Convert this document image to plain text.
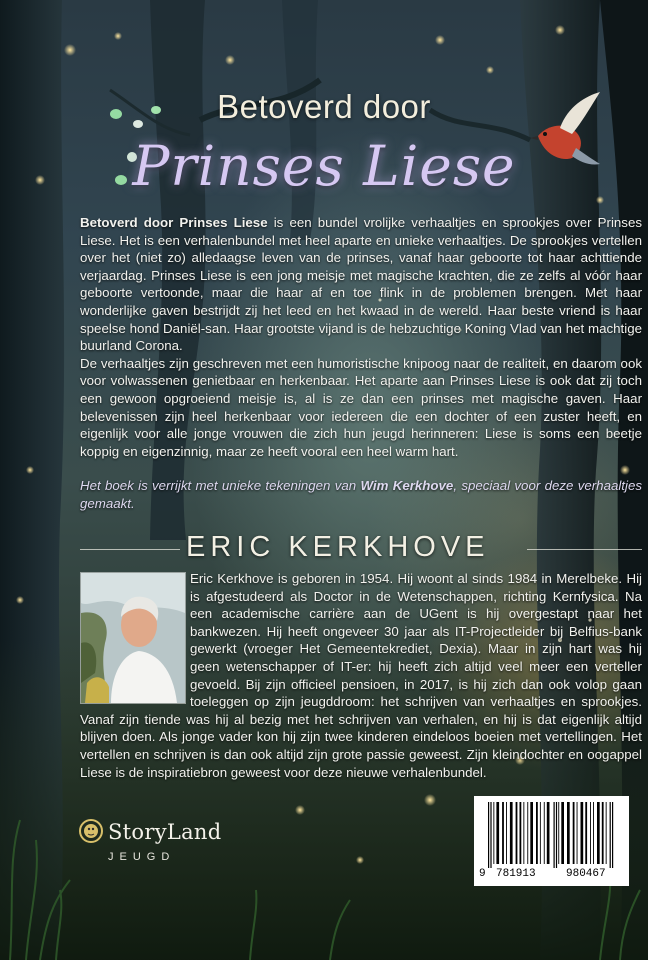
Betoverd door
Prinses Liese

Betoverd door Prinses Liese is een bundel vrolijke verhaaltjes en sprookjes over Prinses Liese. Het is een verhalenbundel met heel aparte en unieke verhaaltjes. De sprookjes vertellen over het (niet zo) alledaagse leven van de prinses, vanaf haar geboorte tot haar achttiende verjaardag. Prinses Liese is een jong meisje met magische krachten, die ze zelfs al vóór haar geboorte vertoonde, maar die haar af en toe flink in de problemen brengen. Met haar wonderlijke gaven bestrijdt zij het leed en het kwaad in de wereld. Haar beste vriend is haar speelse hond Daniël-san. Haar grootste vijand is de hebzuchtige Koning Vlad van het machtige buurland Corona.

De verhaaltjes zijn geschreven met een humoristische knipoog naar de realiteit, en daarom ook voor volwassenen genietbaar en herkenbaar. Het aparte aan Prinses Liese is ook dat zij toch een gewoon opgroeiend meisje is, al is ze dan een prinses met magische gaven. Haar belevenissen zijn heel herkenbaar voor iedereen die een dochter of een zuster heeft, en eigenlijk voor alle jonge vrouwen die zich hun jeugd herinneren: Liese is soms een beetje koppig en eigenzinnig, maar ze heeft vooral een heel warm hart.

Het boek is verrijkt met unieke tekeningen van Wim Kerkhove, speciaal voor deze verhaaltjes gemaakt.

ERIC KERKHOVE
Eric Kerkhove is geboren in 1954. Hij woont al sinds 1984 in Merelbeke. Hij is afgestudeerd als Doctor in de Wetenschappen, richting Kernfysica. Na een academische carrière aan de UGent is hij overgestapt naar het bankwezen. Hij heeft ongeveer 30 jaar als IT-Projectleider bij Belfius-bank gewerkt (vroeger Het Gemeentekrediet, Dexia). Maar in zijn hart was hij geen wetenschapper of IT-er: hij heeft zich altijd veel meer een verteller gevoeld. Bij zijn officieel pensioen, in 2017, is hij zich dan ook volop gaan toeleggen op zijn jeugddroom: het schrijven van verhaaltjes en sprookjes. Vanaf zijn tiende was hij al bezig met het schrijven van verhalen, en hij is dat eigenlijk altijd blijven doen. Als jonge vader kon hij zijn twee kinderen eindeloos boeien met vertellingen. Het vertellen en schrijven is dan ook altijd zijn grote passie geweest. Zijn kleindochter en oogappel Liese is de inspiratiebron geweest voor deze nieuwe verhalenbundel.
StoryLand
JEUGD
9 781913	980467
